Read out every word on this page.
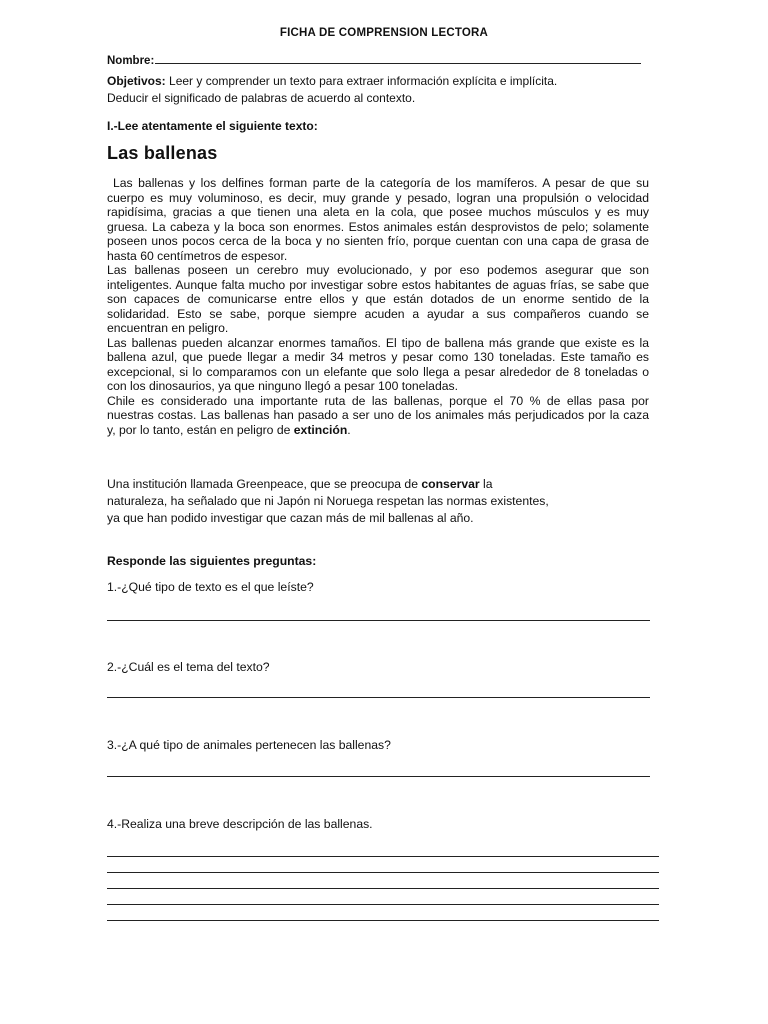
FICHA DE COMPRENSION LECTORA
Nombre:
Objetivos: Leer y comprender un texto para extraer información explícita e implícita.
Deducir el significado de palabras de acuerdo al contexto.
I.-Lee atentamente el siguiente texto:
Las ballenas

Las ballenas y los delfines forman parte de la categoría de los mamíferos. A pesar de que su cuerpo es muy voluminoso, es decir, muy grande y pesado, logran una propulsión o velocidad rapidísima, gracias a que tienen una aleta en la cola, que posee muchos músculos y es muy gruesa. La cabeza y la boca son enormes. Estos animales están desprovistos de pelo; solamente poseen unos pocos cerca de la boca y no sienten frío, porque cuentan con una capa de grasa de hasta 60 centímetros de espesor.

Las ballenas poseen un cerebro muy evolucionado, y por eso podemos asegurar que son inteligentes. Aunque falta mucho por investigar sobre estos habitantes de aguas frías, se sabe que son capaces de comunicarse entre ellos y que están dotados de un enorme sentido de la solidaridad. Esto se sabe, porque siempre acuden a ayudar a sus compañeros cuando se encuentran en peligro.

Las ballenas pueden alcanzar enormes tamaños. El tipo de ballena más grande que existe es la ballena azul, que puede llegar a medir 34 metros y pesar como 130 toneladas. Este tamaño es excepcional, si lo comparamos con un elefante que solo llega a pesar alrededor de 8 toneladas o con los dinosaurios, ya que ninguno llegó a pesar 100 toneladas.

Chile es considerado una importante ruta de las ballenas, porque el 70 % de ellas pasa por nuestras costas. Las ballenas han pasado a ser uno de los animales más perjudicados por la caza y, por lo tanto, están en peligro de extinción.

Una institución llamada Greenpeace, que se preocupa de conservar la

naturaleza, ha señalado que ni Japón ni Noruega respetan las normas existentes,

ya que han podido investigar que cazan más de mil ballenas al año.

Responde las siguientes preguntas:
1.-¿Qué tipo de texto es el que leíste?
2.-¿Cuál es el tema del texto?
3.-¿A qué tipo de animales pertenecen las ballenas?
4.-Realiza una breve descripción de las ballenas.
